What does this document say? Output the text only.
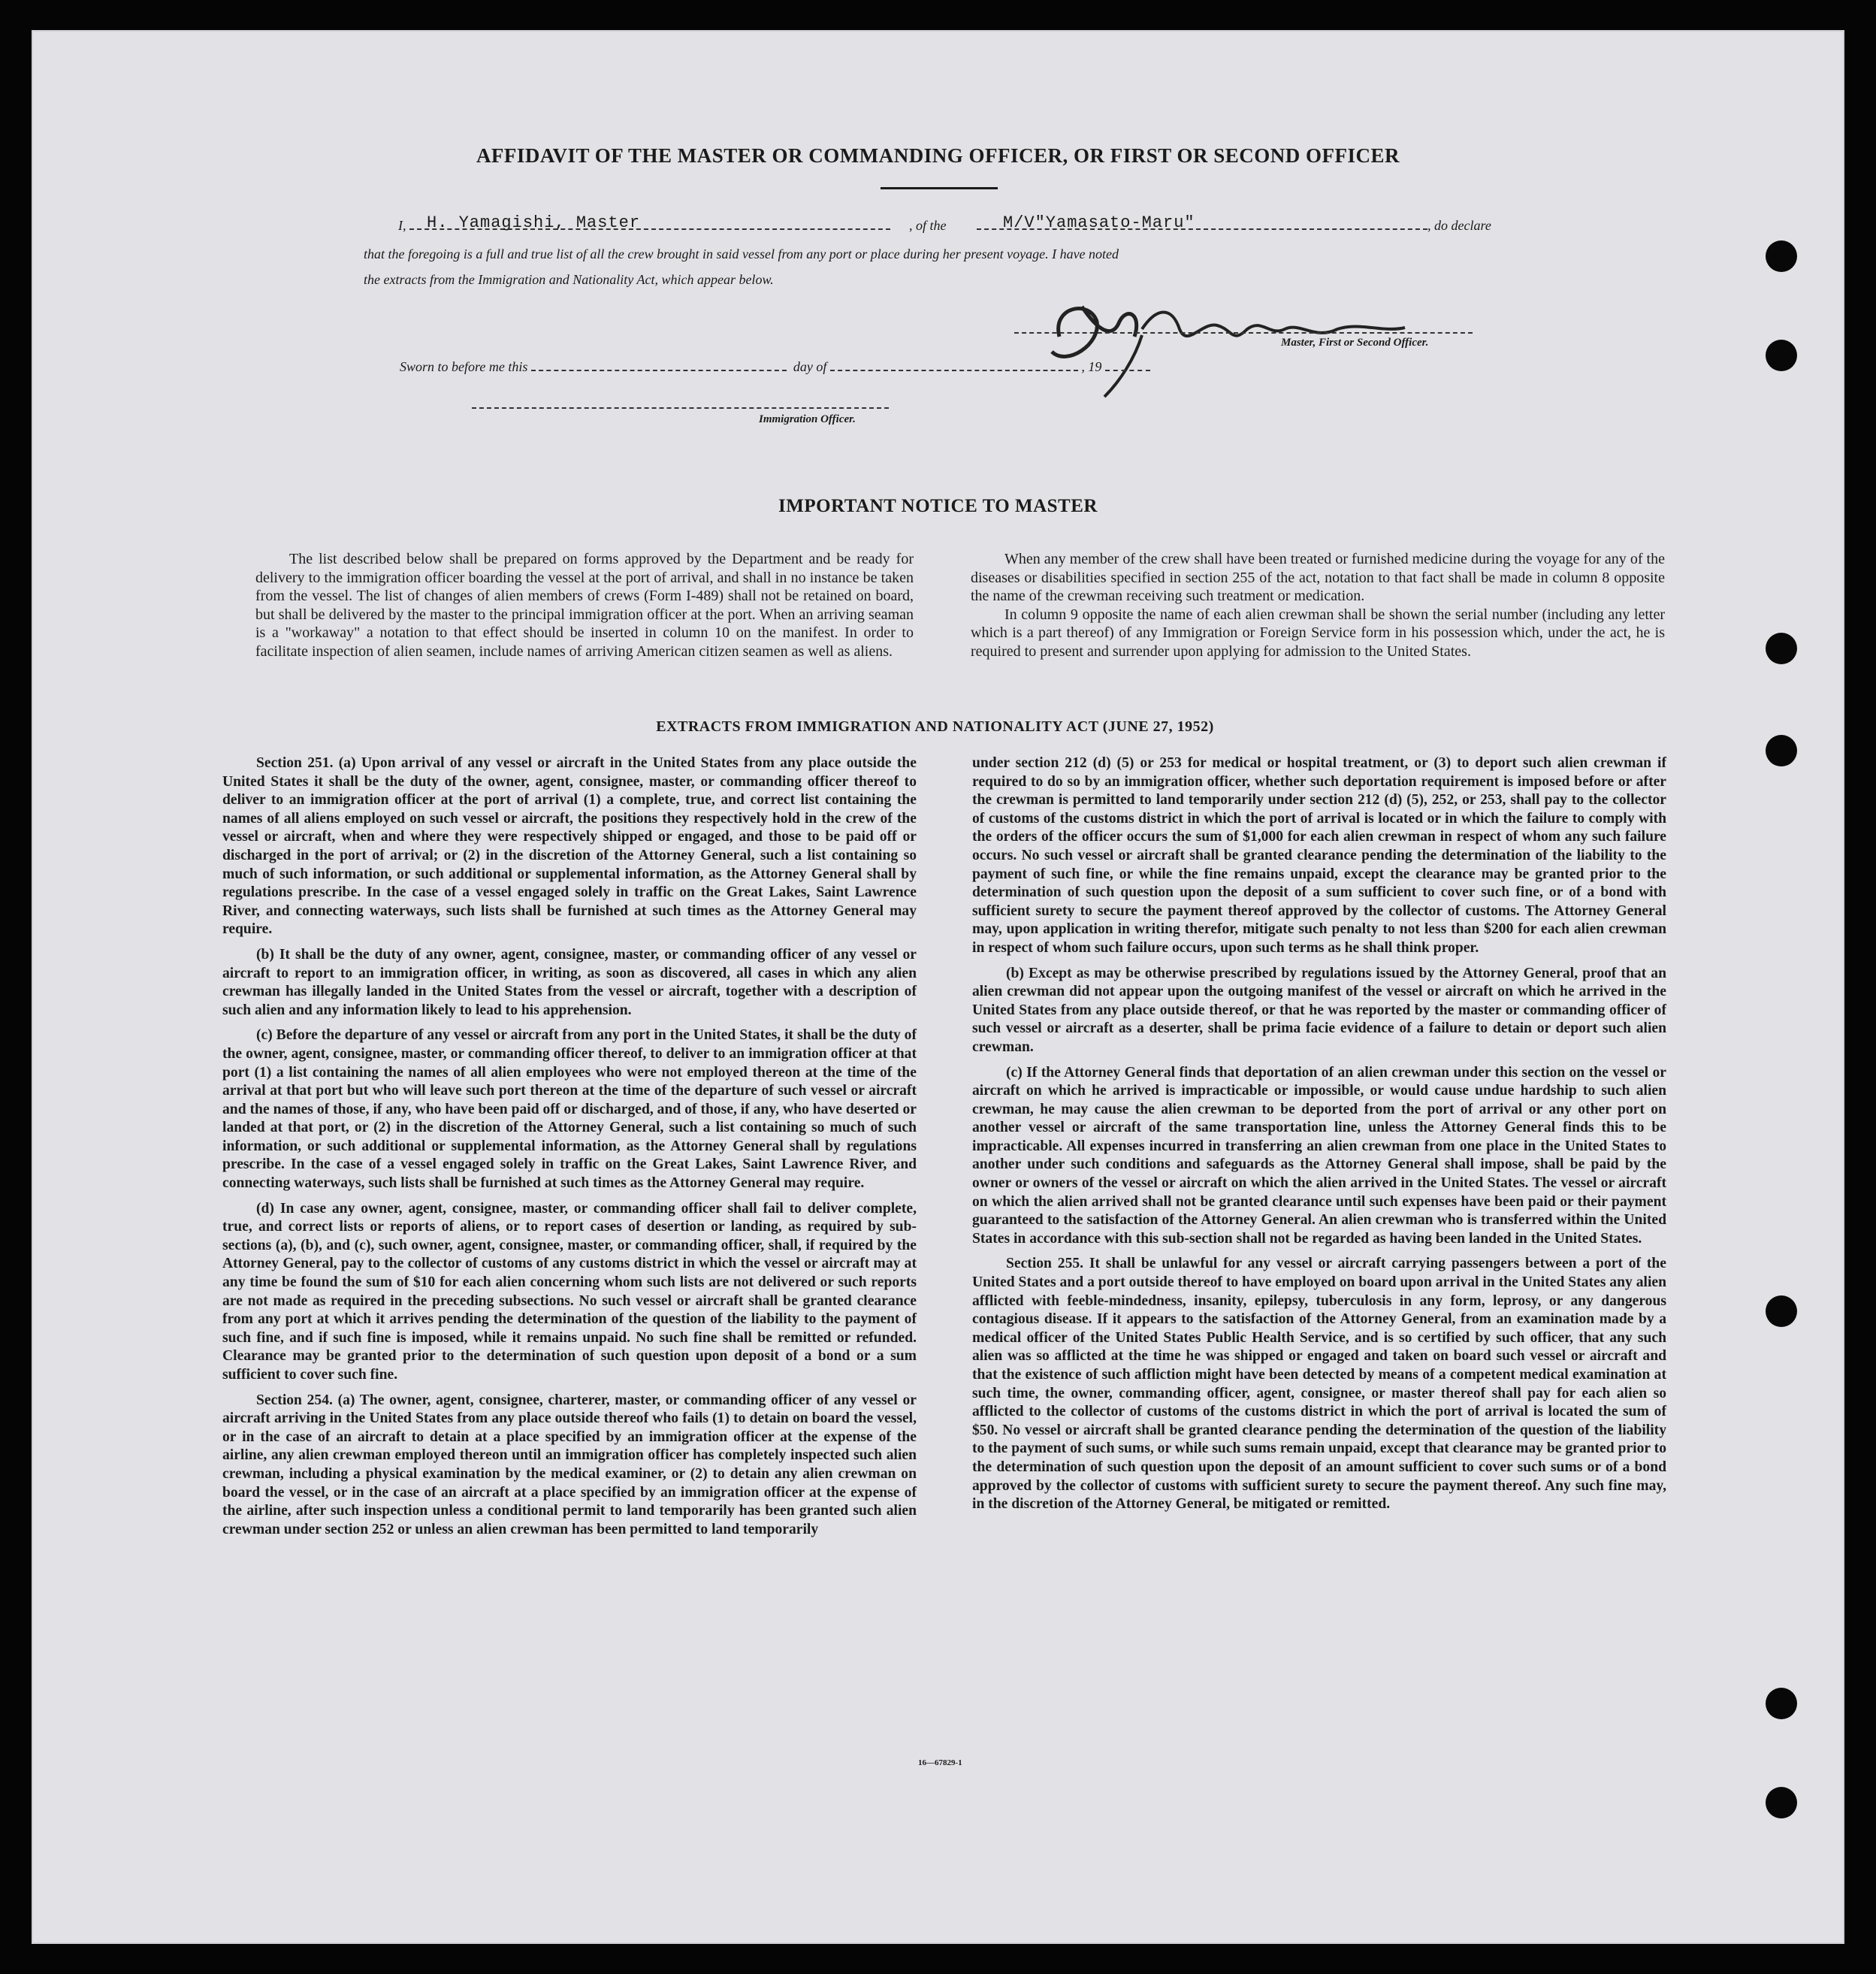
AFFIDAVIT OF THE MASTER OR COMMANDING OFFICER, OR FIRST OR SECOND OFFICER
I,	H. Yamagishi, Master	, of the	M/V"Yamasato-Maru"	, do declare
that the foregoing is a full and true list of all the crew brought in said vessel from any port or place during her present voyage. I have noted
the extracts from the Immigration and Nationality Act, which appear below.
Master, First or Second Officer.
Sworn to before me this	day of	, 19
Immigration Officer.
IMPORTANT NOTICE TO MASTER

The list described below shall be prepared on forms approved by the Department and be ready for delivery to the immigration officer boarding the vessel at the port of arrival, and shall in no instance be taken from the vessel. The list of changes of alien members of crews (Form I-489) shall not be retained on board, but shall be delivered by the master to the principal immigration officer at the port. When an arriving seaman is a "workaway" a notation to that effect should be inserted in column 10 on the manifest. In order to facilitate inspection of alien seamen, include names of arriving American citizen seamen as well as aliens.

When any member of the crew shall have been treated or furnished medicine during the voyage for any of the diseases or disabilities specified in section 255 of the act, notation to that fact shall be made in column 8 opposite the name of the crewman receiving such treatment or medication.

In column 9 opposite the name of each alien crewman shall be shown the serial number (including any letter which is a part thereof) of any Immigration or Foreign Service form in his possession which, under the act, he is required to present and surrender upon applying for admission to the United States.

EXTRACTS FROM IMMIGRATION AND NATIONALITY ACT (JUNE 27, 1952)

Section 251. (a) Upon arrival of any vessel or aircraft in the United States from any place outside the United States it shall be the duty of the owner, agent, consignee, master, or commanding officer thereof to deliver to an immigration officer at the port of arrival (1) a complete, true, and correct list containing the names of all aliens employed on such vessel or aircraft, the positions they respectively hold in the crew of the vessel or aircraft, when and where they were respectively shipped or engaged, and those to be paid off or discharged in the port of arrival; or (2) in the discretion of the Attorney General, such a list containing so much of such information, or such additional or supplemental information, as the Attorney General shall by regulations prescribe. In the case of a vessel engaged solely in traffic on the Great Lakes, Saint Lawrence River, and connecting waterways, such lists shall be furnished at such times as the Attorney General may require.

(b) It shall be the duty of any owner, agent, consignee, master, or commanding officer of any vessel or aircraft to report to an immigration officer, in writing, as soon as discovered, all cases in which any alien crewman has illegally landed in the United States from the vessel or aircraft, together with a description of such alien and any information likely to lead to his apprehension.

(c) Before the departure of any vessel or aircraft from any port in the United States, it shall be the duty of the owner, agent, consignee, master, or commanding officer thereof, to deliver to an immigration officer at that port (1) a list containing the names of all alien employees who were not employed thereon at the time of the arrival at that port but who will leave such port thereon at the time of the departure of such vessel or aircraft and the names of those, if any, who have been paid off or discharged, and of those, if any, who have deserted or landed at that port, or (2) in the discretion of the Attorney General, such a list containing so much of such information, or such additional or supplemental information, as the Attorney General shall by regulations prescribe. In the case of a vessel engaged solely in traffic on the Great Lakes, Saint Lawrence River, and connecting waterways, such lists shall be furnished at such times as the Attorney General may require.

(d) In case any owner, agent, consignee, master, or commanding officer shall fail to deliver complete, true, and correct lists or reports of aliens, or to report cases of desertion or landing, as required by sub-sections (a), (b), and (c), such owner, agent, consignee, master, or commanding officer, shall, if required by the Attorney General, pay to the collector of customs of any customs district in which the vessel or aircraft may at any time be found the sum of $10 for each alien concerning whom such lists are not delivered or such reports are not made as required in the preceding subsections. No such vessel or aircraft shall be granted clearance from any port at which it arrives pending the determination of the question of the liability to the payment of such fine, and if such fine is imposed, while it remains unpaid. No such fine shall be remitted or refunded. Clearance may be granted prior to the determination of such question upon deposit of a bond or a sum sufficient to cover such fine.

Section 254. (a) The owner, agent, consignee, charterer, master, or commanding officer of any vessel or aircraft arriving in the United States from any place outside thereof who fails (1) to detain on board the vessel, or in the case of an aircraft to detain at a place specified by an immigration officer at the expense of the airline, any alien crewman employed thereon until an immigration officer has completely inspected such alien crewman, including a physical examination by the medical examiner, or (2) to detain any alien crewman on board the vessel, or in the case of an aircraft at a place specified by an immigration officer at the expense of the airline, after such inspection unless a conditional permit to land temporarily has been granted such alien crewman under section 252 or unless an alien crewman has been permitted to land temporarily

under section 212 (d) (5) or 253 for medical or hospital treatment, or (3) to deport such alien crewman if required to do so by an immigration officer, whether such deportation requirement is imposed before or after the crewman is permitted to land temporarily under section 212 (d) (5), 252, or 253, shall pay to the collector of customs of the customs district in which the port of arrival is located or in which the failure to comply with the orders of the officer occurs the sum of $1,000 for each alien crewman in respect of whom any such failure occurs. No such vessel or aircraft shall be granted clearance pending the determination of the liability to the payment of such fine, or while the fine remains unpaid, except the clearance may be granted prior to the determination of such question upon the deposit of a sum sufficient to cover such fine, or of a bond with sufficient surety to secure the payment thereof approved by the collector of customs. The Attorney General may, upon application in writing therefor, mitigate such penalty to not less than $200 for each alien crewman in respect of whom such failure occurs, upon such terms as he shall think proper.

(b) Except as may be otherwise prescribed by regulations issued by the Attorney General, proof that an alien crewman did not appear upon the outgoing manifest of the vessel or aircraft on which he arrived in the United States from any place outside thereof, or that he was reported by the master or commanding officer of such vessel or aircraft as a deserter, shall be prima facie evidence of a failure to detain or deport such alien crewman.

(c) If the Attorney General finds that deportation of an alien crewman under this section on the vessel or aircraft on which he arrived is impracticable or impossible, or would cause undue hardship to such alien crewman, he may cause the alien crewman to be deported from the port of arrival or any other port on another vessel or aircraft of the same transportation line, unless the Attorney General finds this to be impracticable. All expenses incurred in transferring an alien crewman from one place in the United States to another under such conditions and safeguards as the Attorney General shall impose, shall be paid by the owner or owners of the vessel or aircraft on which the alien arrived in the United States. The vessel or aircraft on which the alien arrived shall not be granted clearance until such expenses have been paid or their payment guaranteed to the satisfaction of the Attorney General. An alien crewman who is transferred within the United States in accordance with this sub-section shall not be regarded as having been landed in the United States.

Section 255. It shall be unlawful for any vessel or aircraft carrying passengers between a port of the United States and a port outside thereof to have employed on board upon arrival in the United States any alien afflicted with feeble-mindedness, insanity, epilepsy, tuberculosis in any form, leprosy, or any dangerous contagious disease. If it appears to the satisfaction of the Attorney General, from an examination made by a medical officer of the United States Public Health Service, and is so certified by such officer, that any such alien was so afflicted at the time he was shipped or engaged and taken on board such vessel or aircraft and that the existence of such affliction might have been detected by means of a competent medical examination at such time, the owner, commanding officer, agent, consignee, or master thereof shall pay for each alien so afflicted to the collector of customs of the customs district in which the port of arrival is located the sum of $50. No vessel or aircraft shall be granted clearance pending the determination of the question of the liability to the payment of such sums, or while such sums remain unpaid, except that clearance may be granted prior to the determination of such question upon the deposit of an amount sufficient to cover such sums or of a bond approved by the collector of customs with sufficient surety to secure the payment thereof. Any such fine may, in the discretion of the Attorney General, be mitigated or remitted.

16—67829-1
